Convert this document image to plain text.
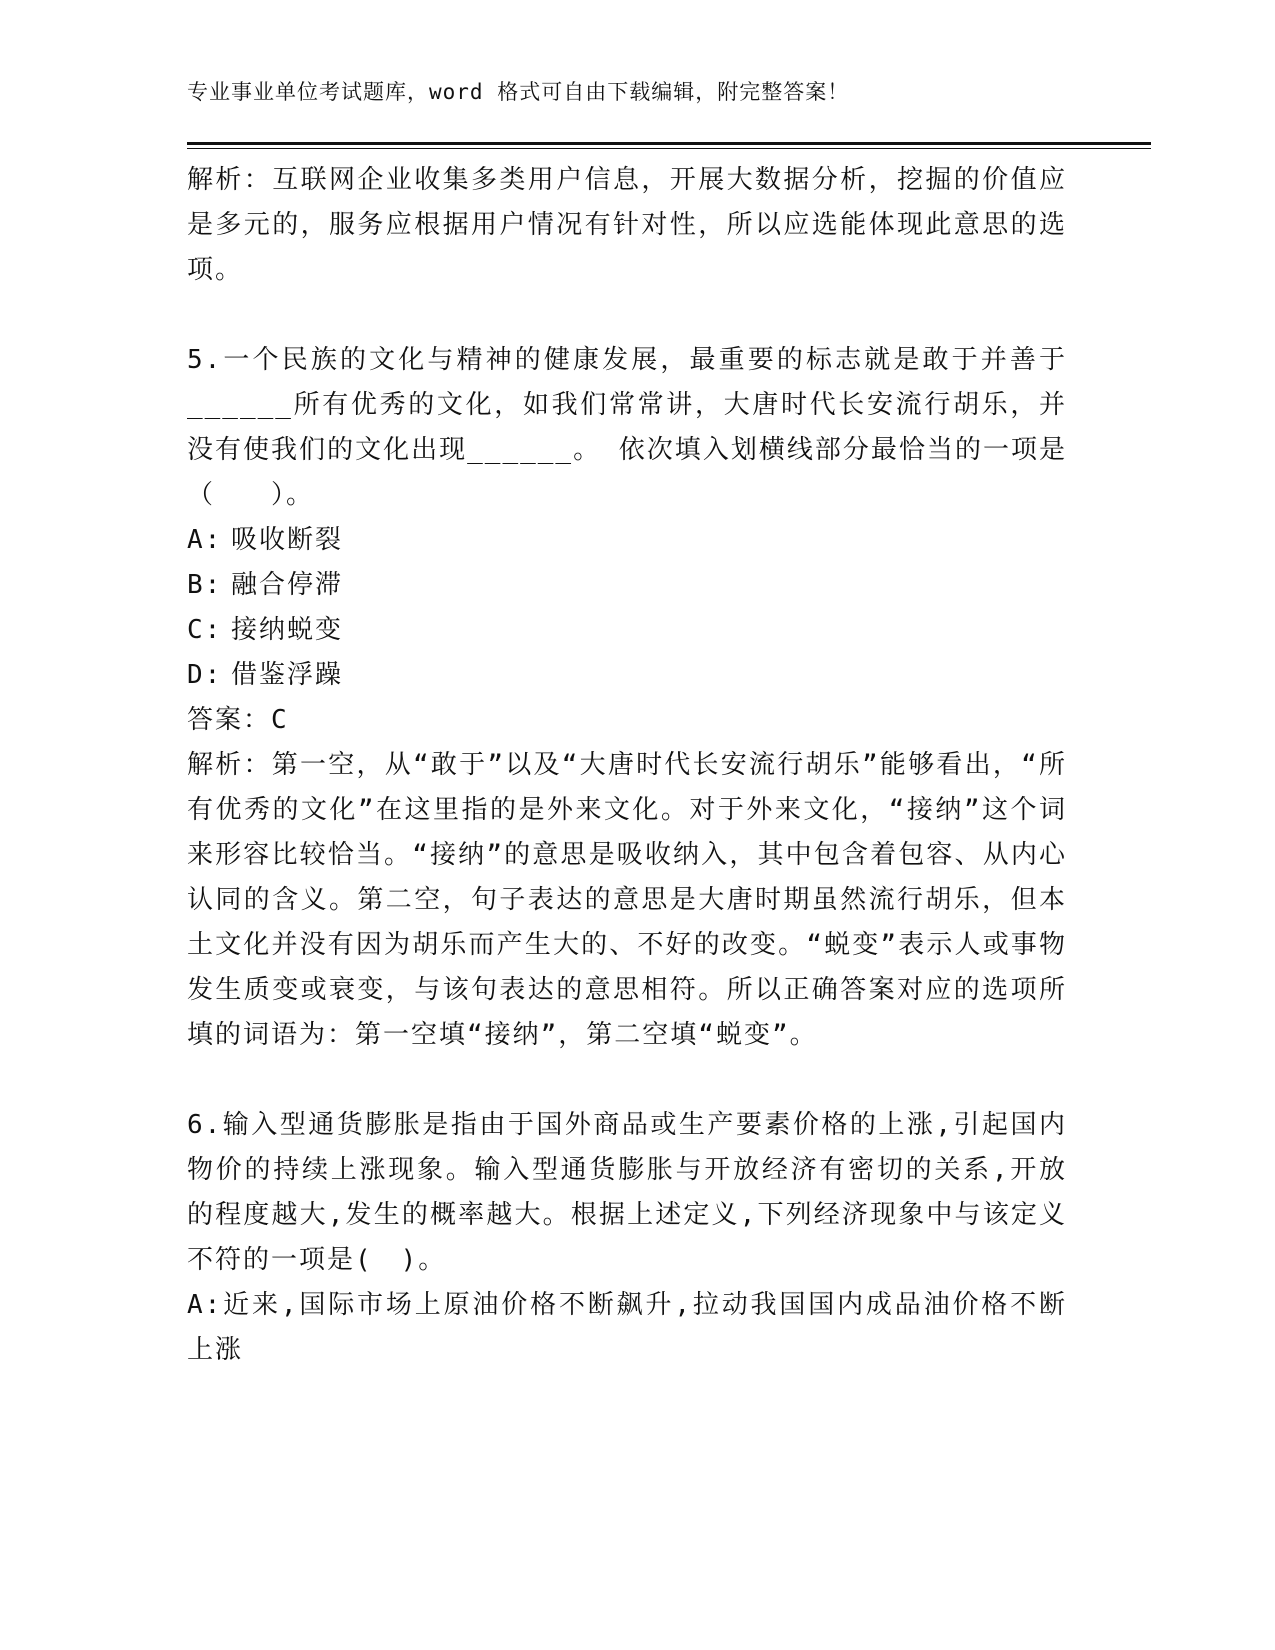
专业事业单位考试题库，word 格式可自由下载编辑，附完整答案！

解析：互联网企业收集多类用户信息，开展大数据分析，挖掘的价值应是多元的，服务应根据用户情况有针对性，所以应选能体现此意思的选项。

5.一个民族的文化与精神的健康发展，最重要的标志就是敢于并善于______所有优秀的文化，如我们常常讲，大唐时代长安流行胡乐，并没有使我们的文化出现______。 依次填入划横线部分最恰当的一项是（　　）。

A: 吸收断裂

B: 融合停滞

C: 接纳蜕变

D: 借鉴浮躁

答案：C

解析：第一空，从“敢于”以及“大唐时代长安流行胡乐”能够看出，“所有优秀的文化”在这里指的是外来文化。对于外来文化，“接纳”这个词来形容比较恰当。“接纳”的意思是吸收纳入，其中包含着包容、从内心认同的含义。第二空，句子表达的意思是大唐时期虽然流行胡乐，但本土文化并没有因为胡乐而产生大的、不好的改变。“蜕变”表示人或事物发生质变或衰变，与该句表达的意思相符。所以正确答案对应的选项所填的词语为：第一空填“接纳”，第二空填“蜕变”。

6.输入型通货膨胀是指由于国外商品或生产要素价格的上涨,引起国内物价的持续上涨现象。输入型通货膨胀与开放经济有密切的关系,开放的程度越大,发生的概率越大。根据上述定义,下列经济现象中与该定义不符的一项是(　)。

A:近来,国际市场上原油价格不断飙升,拉动我国国内成品油价格不断上涨
